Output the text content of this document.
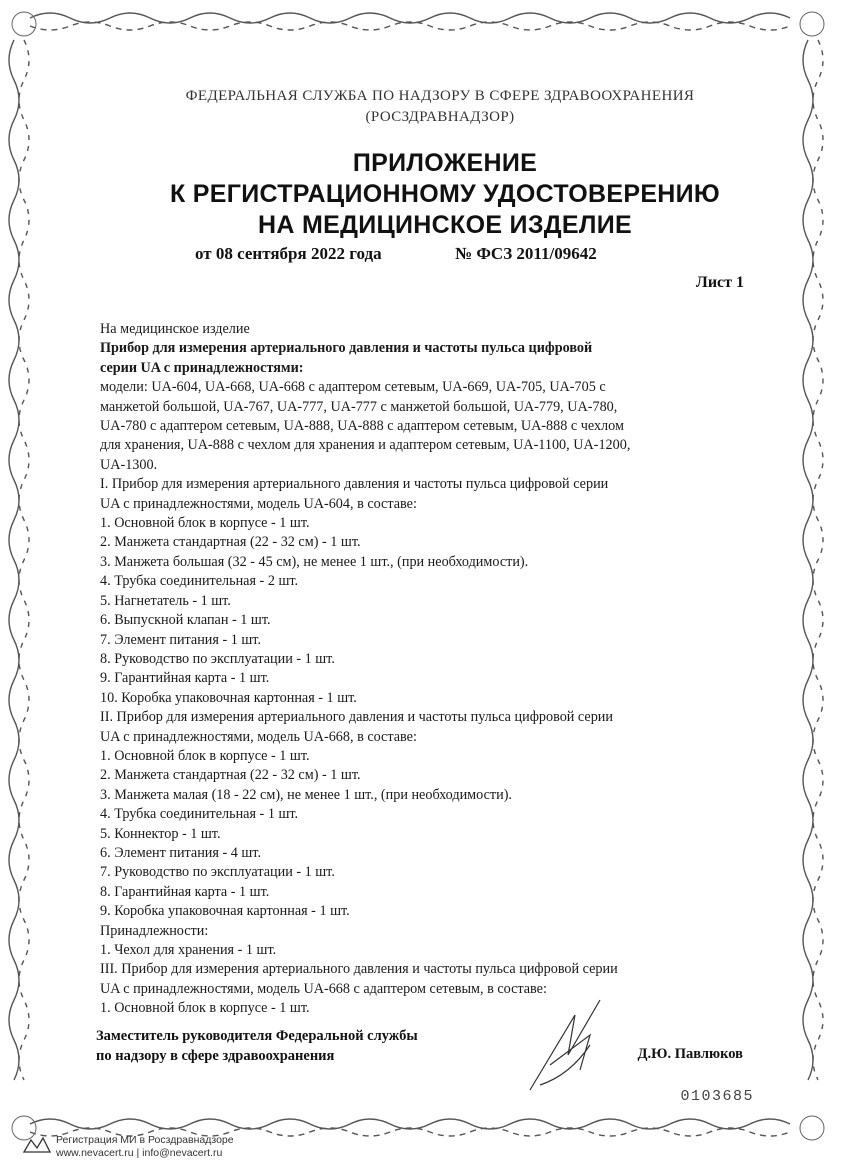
ФЕДЕРАЛЬНАЯ СЛУЖБА ПО НАДЗОРУ В СФЕРЕ ЗДРАВООХРАНЕНИЯ
(РОСЗДРАВНАДЗОР)
ПРИЛОЖЕНИЕ
К РЕГИСТРАЦИОННОМУ УДОСТОВЕРЕНИЮ
НА МЕДИЦИНСКОЕ ИЗДЕЛИЕ
от 08 сентября 2022 года	№ ФСЗ 2011/09642
Лист 1
На медицинское изделие
Прибор для измерения артериального давления и частоты пульса цифровой
серии UA с принадлежностями:
модели: UA-604, UA-668, UA-668 с адаптером сетевым, UA-669, UA-705, UA-705 с
манжетой большой, UA-767, UA-777, UA-777 с манжетой большой, UA-779, UA-780,
UA-780 с адаптером сетевым, UA-888, UA-888 с адаптером сетевым, UA-888 с чехлом
для хранения, UA-888 с чехлом для хранения и адаптером сетевым, UA-1100, UA-1200,
UA-1300.
I. Прибор для измерения артериального давления и частоты пульса цифровой серии
UA с принадлежностями, модель UA-604, в составе:
1. Основной блок в корпусе - 1 шт.
2. Манжета стандартная (22 - 32 см) - 1 шт.
3. Манжета большая (32 - 45 см), не менее 1 шт., (при необходимости).
4. Трубка соединительная - 2 шт.
5. Нагнетатель - 1 шт.
6. Выпускной клапан - 1 шт.
7. Элемент питания - 1 шт.
8. Руководство по эксплуатации - 1 шт.
9. Гарантийная карта - 1 шт.
10. Коробка упаковочная картонная - 1 шт.
II. Прибор для измерения артериального давления и частоты пульса цифровой серии
UA с принадлежностями, модель UA-668, в составе:
1. Основной блок в корпусе - 1 шт.
2. Манжета стандартная (22 - 32 см) - 1 шт.
3. Манжета малая (18 - 22 см), не менее 1 шт., (при необходимости).
4. Трубка соединительная - 1 шт.
5. Коннектор - 1 шт.
6. Элемент питания - 4 шт.
7. Руководство по эксплуатации - 1 шт.
8. Гарантийная карта - 1 шт.
9. Коробка упаковочная картонная - 1 шт.
Принадлежности:
1. Чехол для хранения - 1 шт.
III. Прибор для измерения артериального давления и частоты пульса цифровой серии
UA с принадлежностями, модель UA-668 с адаптером сетевым, в составе:
1. Основной блок в корпусе - 1 шт.
Заместитель руководителя Федеральной службы
по надзору в сфере здравоохранения	Д.Ю. Павлюков
0103685
Регистрация МИ в Росздравнадзоре
www.nevacert.ru | info@nevacert.ru
